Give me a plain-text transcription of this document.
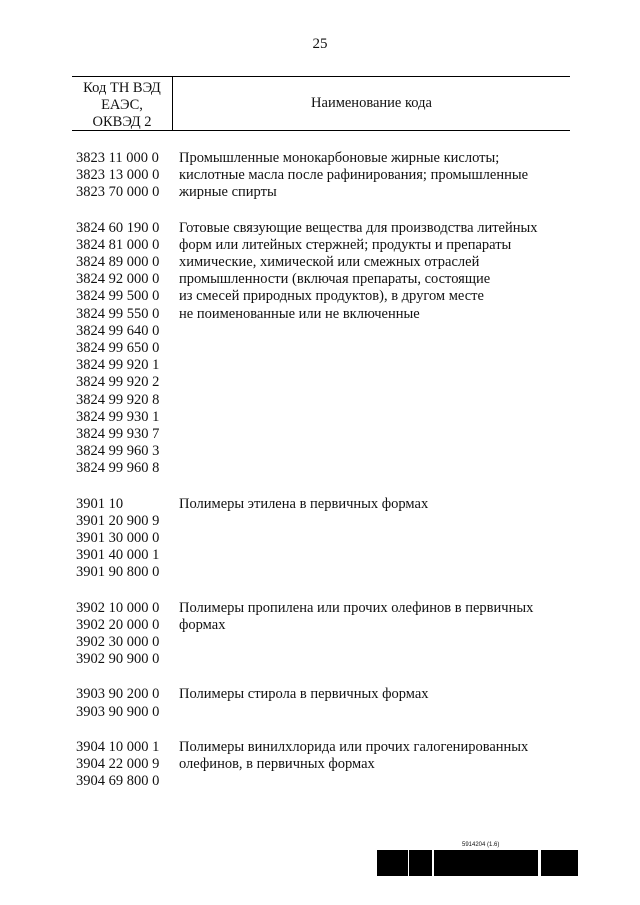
25
Код ТН ВЭД
ЕАЭС,
ОКВЭД 2
Наименование кода
3823 11 000 0
3823 13 000 0
3823 70 000 0
Промышленные монокарбоновые жирные кислоты;
кислотные масла после рафинирования; промышленные
жирные спирты
3824 60 190 0
3824 81 000 0
3824 89 000 0
3824 92 000 0
3824 99 500 0
3824 99 550 0
3824 99 640 0
3824 99 650 0
3824 99 920 1
3824 99 920 2
3824 99 920 8
3824 99 930 1
3824 99 930 7
3824 99 960 3
3824 99 960 8
Готовые связующие вещества для производства литейных
форм или литейных стержней; продукты и препараты
химические, химической или смежных отраслей
промышленности (включая препараты, состоящие
из смесей природных продуктов), в другом месте
не поименованные или не включенные
3901 10
3901 20 900 9
3901 30 000 0
3901 40 000 1
3901 90 800 0
Полимеры этилена в первичных формах
3902 10 000 0
3902 20 000 0
3902 30 000 0
3902 90 900 0
Полимеры пропилена или прочих олефинов в первичных
формах
3903 90 200 0
3903 90 900 0
Полимеры стирола в первичных формах
3904 10 000 1
3904 22 000 9
3904 69 800 0
Полимеры винилхлорида или прочих галогенированных
олефинов, в первичных формах
5914204 (1.6)
